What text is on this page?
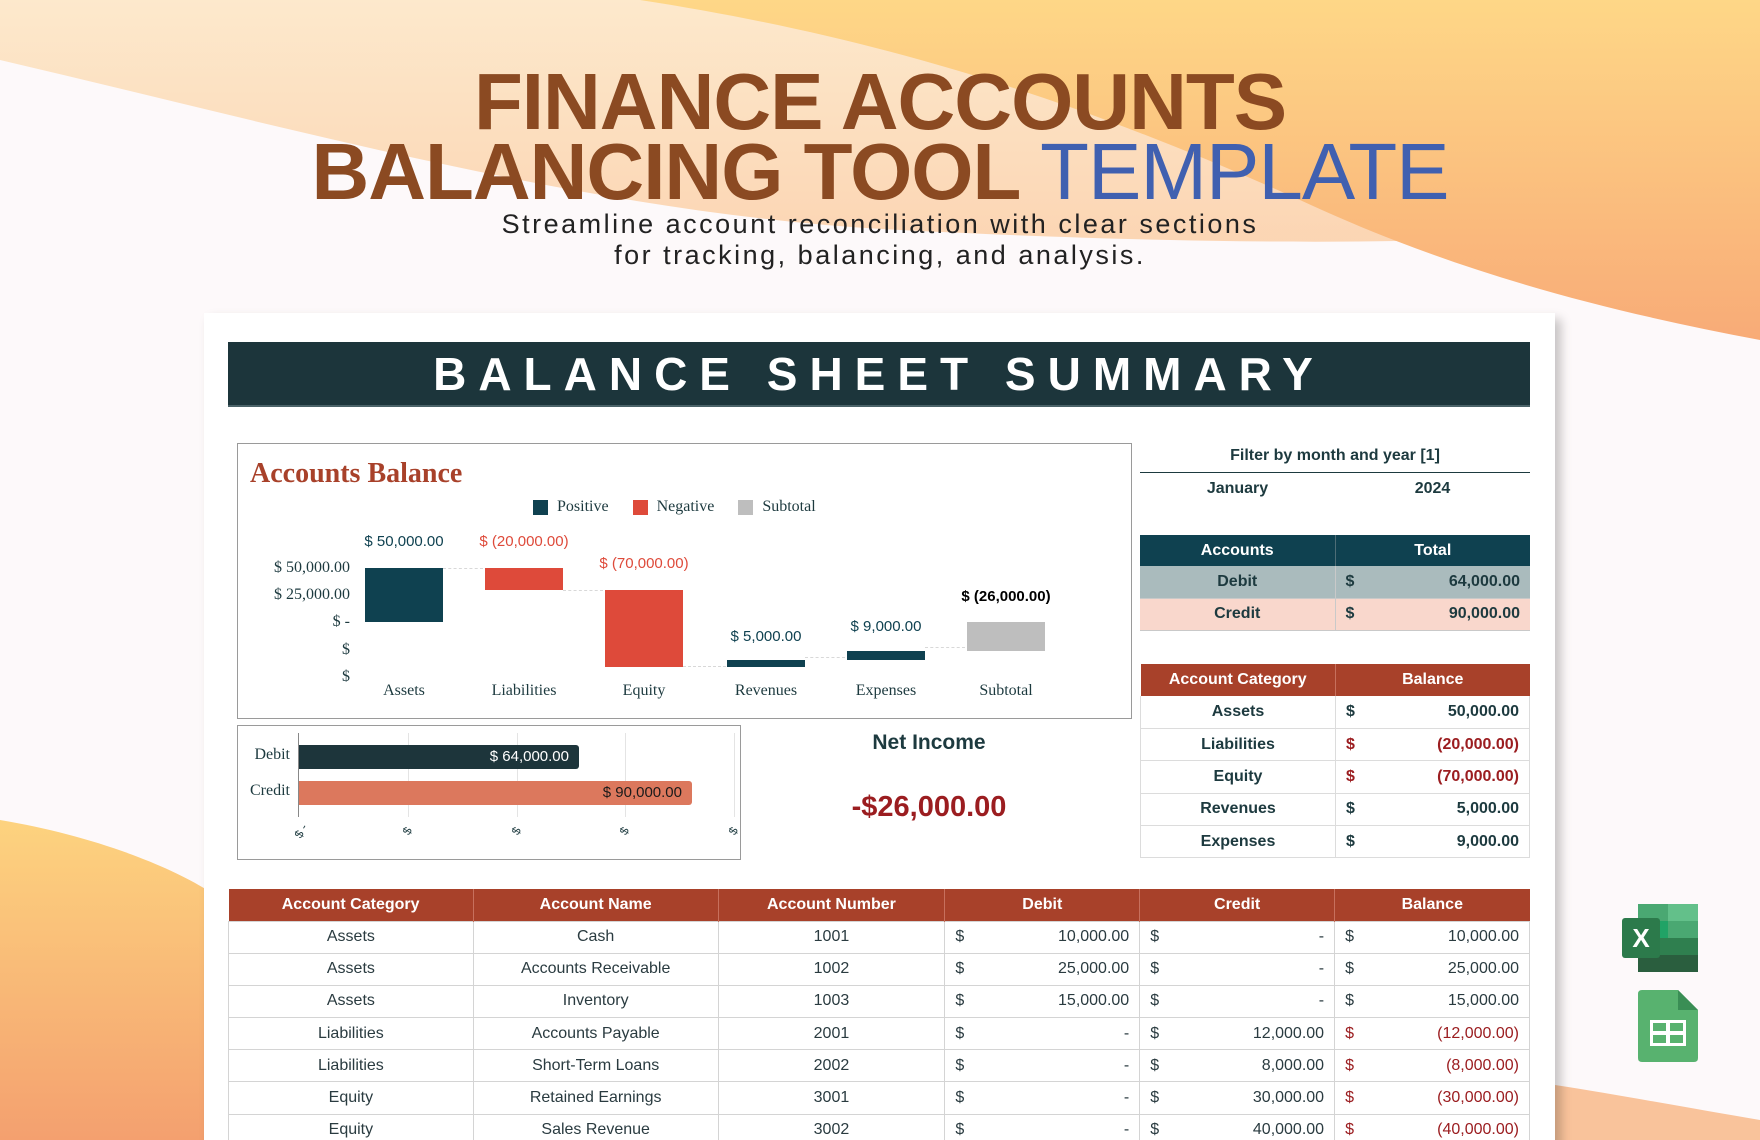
FINANCE ACCOUNTS
BALANCING TOOL TEMPLATE
Streamline account reconciliation with clear sections
for tracking, balancing, and analysis.
BALANCE SHEET SUMMARY
Accounts Balance
Positive	Negative	Subtotal
$ 50,000.00
$ 25,000.00
$ -
$
$
$ 50,000.00 $ (20,000.00)
$ (70,000.00)
$ 5,000.00
$ 9,000.00
$ (26,000.00)
Assets	Liabilities	Equity	Revenues	Expenses	Subtotal
Debit
Credit
$ 64,000.00
$ 90,000.00
$ -	$	$	$	$
Net Income
-$26,000.00
Filter by month and year [1]
January	2024
Accounts	Total
Debit	$ 64,000.00

Credit	$ 90,000.00
Account Category	Balance
Assets	$ 50,000.00

Liabilities	$ (20,000.00)

Equity	$ (70,000.00)

Revenues	$ 5,000.00

Expenses	$ 9,000.00
Account Category	Account Name	Account Number	Debit	Credit	Balance
Assets	Cash	1001	$ 10,000.00	$ -	$ 10,000.00

Assets	Accounts Receivable	1002	$ 25,000.00	$ -	$ 25,000.00

Assets	Inventory	1003	$ 15,000.00	$ -	$ 15,000.00

Liabilities	Accounts Payable	2001	$ -	$ 12,000.00	$ (12,000.00)

Liabilities	Short-Term Loans	2002	$ -	$ 8,000.00	$ (8,000.00)

Equity	Retained Earnings	3001	$ -	$ 30,000.00	$ (30,000.00)

Equity	Sales Revenue	3002	$ -	$ 40,000.00	$ (40,000.00)
X
